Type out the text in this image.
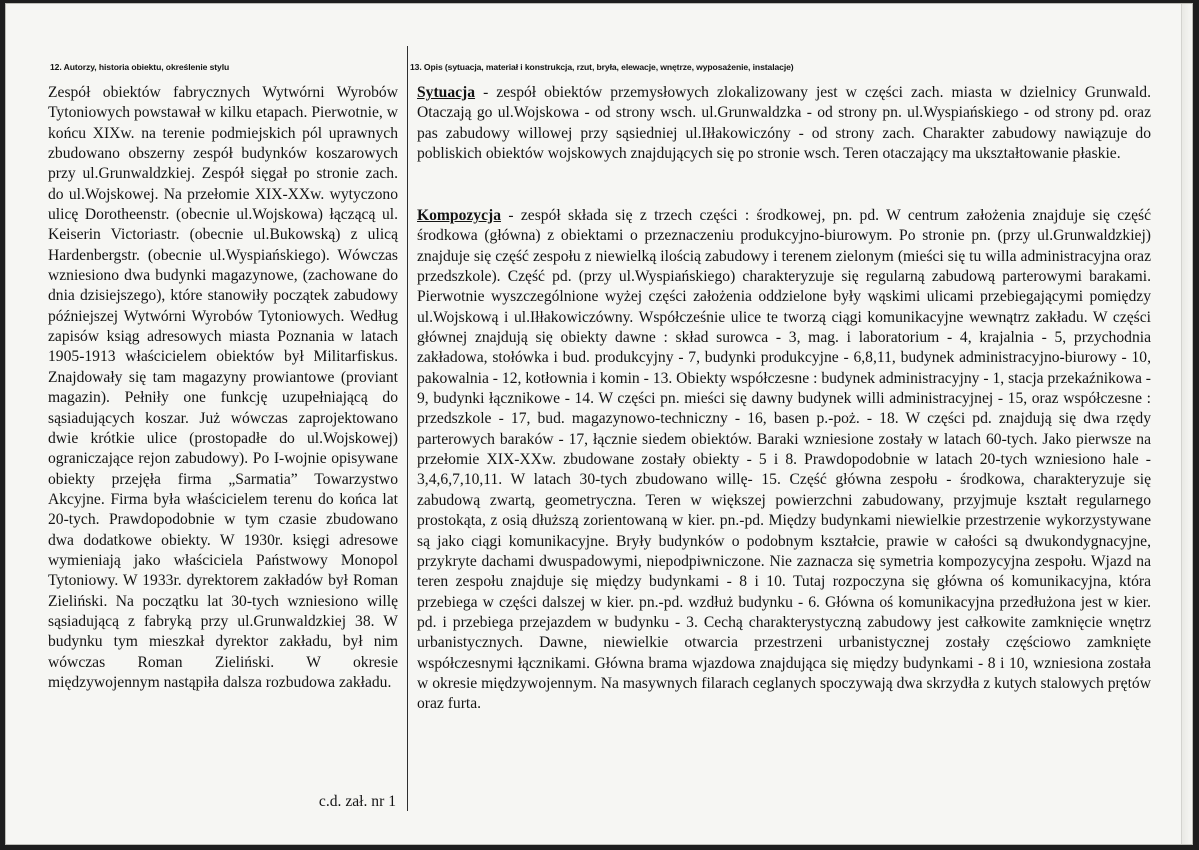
12. Autorzy, historia obiektu, określenie stylu
Zespół obiektów fabrycznych Wytwórni Wyrobów Tytoniowych powstawał w kilku etapach. Pierwotnie, w końcu XIXw. na terenie podmiejskich pól uprawnych zbudowano obszerny zespół budynków koszarowych przy ul.Grunwaldzkiej. Zespół sięgał po stronie zach. do ul.Wojskowej. Na przełomie XIX-XXw. wytyczono ulicę Dorotheenstr. (obecnie ul.Wojskowa) łączącą ul. Keiserin Victoriastr. (obecnie ul.Bukowską) z ulicą Hardenbergstr. (obecnie ul.Wyspiańskiego). Wówczas wzniesiono dwa budynki magazynowe, (zachowane do dnia dzisiejszego), które stanowiły początek zabudowy późniejszej Wytwórni Wyrobów Tytoniowych. Według zapisów ksiąg adresowych miasta Poznania w latach 1905-1913 właścicielem obiektów był Militarfiskus. Znajdowały się tam magazyny prowiantowe (proviant magazin). Pełniły one funkcję uzupełniającą do sąsiadujących koszar. Już wówczas zaprojektowano dwie krótkie ulice (prostopadłe do ul.Wojskowej) ograniczające rejon zabudowy). Po I-wojnie opisywane obiekty przejęła firma „Sarmatia” Towarzystwo Akcyjne. Firma była właścicielem terenu do końca lat 20-tych. Prawdopodobnie w tym czasie zbudowano dwa dodatkowe obiekty. W 1930r. księgi adresowe wymieniają jako właściciela Państwowy Monopol Tytoniowy. W 1933r. dyrektorem zakładów był Roman Zieliński. Na początku lat 30-tych wzniesiono willę sąsiadującą z fabryką przy ul.Grunwaldzkiej 38. W budynku tym mieszkał dyrektor zakładu, był nim wówczas Roman Zieliński. W okresie międzywojennym nastąpiła dalsza rozbudowa zakładu.
c.d. zał. nr 1
13. Opis (sytuacja, materiał i konstrukcja, rzut, bryła, elewacje, wnętrze, wyposażenie, instalacje)
Sytuacja - zespół obiektów przemysłowych zlokalizowany jest w części zach. miasta w dzielnicy Grunwald. Otaczają go ul.Wojskowa - od strony wsch. ul.Grunwaldzka - od strony pn. ul.Wyspiańskiego - od strony pd. oraz pas zabudowy willowej przy sąsiedniej ul.Iłłakowiczóny - od strony zach. Charakter zabudowy nawiązuje do pobliskich obiektów wojskowych znajdujących się po stronie wsch. Teren otaczający ma ukształtowanie płaskie.
Kompozycja - zespół składa się z trzech części : środkowej, pn. pd. W centrum założenia znajduje się część środkowa (główna) z obiektami o przeznaczeniu produkcyjno-biurowym. Po stronie pn. (przy ul.Grunwaldzkiej) znajduje się część zespołu z niewielką ilością zabudowy i terenem zielonym (mieści się tu willa administracyjna oraz przedszkole). Część pd. (przy ul.Wyspiańskiego) charakteryzuje się regularną zabudową parterowymi barakami. Pierwotnie wyszczególnione wyżej części założenia oddzielone były wąskimi ulicami przebiegającymi pomiędzy ul.Wojskową i ul.Iłłakowiczówny. Współcześnie ulice te tworzą ciągi komunikacyjne wewnątrz zakładu. W części głównej znajdują się obiekty dawne : skład surowca - 3, mag. i laboratorium - 4, krajalnia - 5, przychodnia zakładowa, stołówka i bud. produkcyjny - 7, budynki produkcyjne - 6,8,11, budynek administracyjno-biurowy - 10, pakowalnia - 12, kotłownia i komin - 13. Obiekty współczesne : budynek administracyjny - 1, stacja przekaźnikowa - 9, budynki łącznikowe - 14. W części pn. mieści się dawny budynek willi administracyjnej - 15, oraz współczesne : przedszkole - 17, bud. magazynowo-techniczny - 16, basen p.-poż. - 18. W części pd. znajdują się dwa rzędy parterowych baraków - 17, łącznie siedem obiektów. Baraki wzniesione zostały w latach 60-tych. Jako pierwsze na przełomie XIX-XXw. zbudowane zostały obiekty - 5 i 8. Prawdopodobnie w latach 20-tych wzniesiono hale - 3,4,6,7,10,11. W latach 30-tych zbudowano willę- 15. Część główna zespołu - środkowa, charakteryzuje się zabudową zwartą, geometryczna. Teren w większej powierzchni zabudowany, przyjmuje kształt regularnego prostokąta, z osią dłuższą zorientowaną w kier. pn.-pd. Między budynkami niewielkie przestrzenie wykorzystywane są jako ciągi komunikacyjne. Bryły budynków o podobnym kształcie, prawie w całości są dwukondygnacyjne, przykryte dachami dwuspadowymi, niepodpiwniczone. Nie zaznacza się symetria kompozycyjna zespołu. Wjazd na teren zespołu znajduje się między budynkami - 8 i 10. Tutaj rozpoczyna się główna oś komunikacyjna, która przebiega w części dalszej w kier. pn.-pd. wzdłuż budynku - 6. Główna oś komunikacyjna przedłużona jest w kier. pd. i przebiega przejazdem w budynku - 3. Cechą charakterystyczną zabudowy jest całkowite zamknięcie wnętrz urbanistycznych. Dawne, niewielkie otwarcia przestrzeni urbanistycznej zostały częściowo zamknięte współczesnymi łącznikami. Główna brama wjazdowa znajdująca się między budynkami - 8 i 10, wzniesiona została w okresie międzywojennym. Na masywnych filarach ceglanych spoczywają dwa skrzydła z kutych stalowych prętów oraz furta.
